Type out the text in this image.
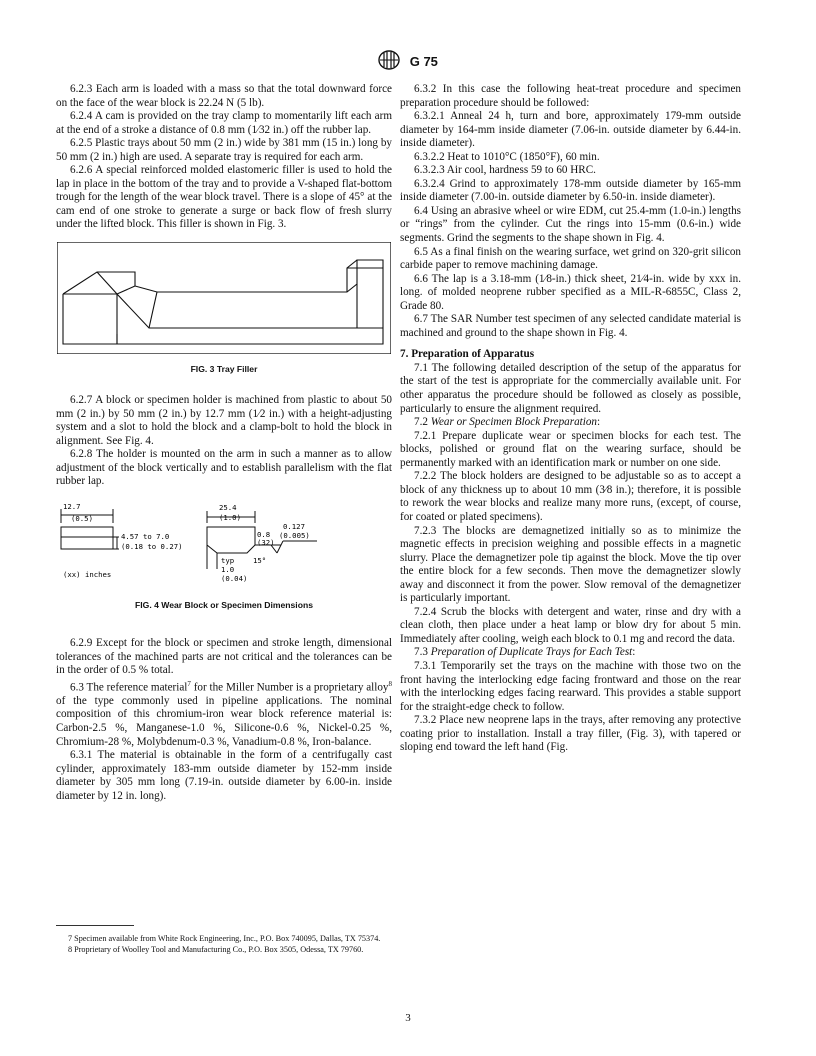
G 75

6.2.3 Each arm is loaded with a mass so that the total downward force on the face of the wear block is 22.24 N (5 lb).

6.2.4 A cam is provided on the tray clamp to momentarily lift each arm at the end of a stroke a distance of 0.8 mm (1⁄32 in.) off the rubber lap.

6.2.5 Plastic trays about 50 mm (2 in.) wide by 381 mm (15 in.) long by 50 mm (2 in.) high are used. A separate tray is required for each arm.

6.2.6 A special reinforced molded elastomeric filler is used to hold the lap in place in the bottom of the tray and to provide a V-shaped flat-bottom trough for the length of the wear block travel. There is a slope of 45° at the cam end of one stroke to generate a surge or back flow of fresh slurry under the lifted block. This filler is shown in Fig. 3.

FIG. 3 Tray Filler

6.2.7 A block or specimen holder is machined from plastic to about 50 mm (2 in.) by 50 mm (2 in.) by 12.7 mm (1⁄2 in.) with a height-adjusting system and a slot to hold the block and a clamp-bolt to hold the block in alignment. See Fig. 4.

6.2.8 The holder is mounted on the arm in such a manner as to allow adjustment of the block vertically and to establish parallelism with the flat rubber lap.

12.7
(0.5)
4.57 to 7.0
(0.18 to 0.27)
25.4
(1.0)
0.8
(32)
0.127
(0.005)
typ	15°
1.0
(0.04)
(xx) inches
FIG. 4 Wear Block or Specimen Dimensions

6.2.9 Except for the block or specimen and stroke length, dimensional tolerances of the machined parts are not critical and the tolerances can be in the order of 0.5 % total.

6.3 The reference material$^7$ for the Miller Number is a proprietary alloy$^8$ of the type commonly used in pipeline applications. The nominal composition of this chromium-iron wear block reference material is: Carbon-2.5 %, Manganese-1.0 %, Silicone-0.6 %, Nickel-0.25 %, Chromium-28 %, Molybdenum-0.3 %, Vanadium-0.8 %, Iron-balance.

6.3.1 The material is obtainable in the form of a centrifugally cast cylinder, approximately 183-mm outside diameter by 152-mm inside diameter by 305 mm long (7.19-in. outside diameter by 6.00-in. inside diameter by 12 in. long).

7 Specimen available from White Rock Engineering, Inc., P.O. Box 740095, Dallas, TX 75374.

8 Proprietary of Woolley Tool and Manufacturing Co., P.O. Box 3505, Odessa, TX 79760.

6.3.2 In this case the following heat-treat procedure and specimen preparation procedure should be followed:

6.3.2.1 Anneal 24 h, turn and bore, approximately 179-mm outside diameter by 164-mm inside diameter (7.06-in. outside diameter by 6.44-in. inside diameter).

6.3.2.2 Heat to 1010°C (1850°F), 60 min.

6.3.2.3 Air cool, hardness 59 to 60 HRC.

6.3.2.4 Grind to approximately 178-mm outside diameter by 165-mm inside diameter (7.00-in. outside diameter by 6.50-in. inside diameter).

6.4 Using an abrasive wheel or wire EDM, cut 25.4-mm (1.0-in.) lengths or “rings” from the cylinder. Cut the rings into 15-mm (0.6-in.) wide segments. Grind the segments to the shape shown in Fig. 4.

6.5 As a final finish on the wearing surface, wet grind on 320-grit silicon carbide paper to remove machining damage.

6.6 The lap is a 3.18-mm (1⁄8-in.) thick sheet, 21⁄4-in. wide by xxx in. long. of molded neoprene rubber specified as a MIL-R-6855C, Class 2, Grade 80.

6.7 The SAR Number test specimen of any selected candidate material is machined and ground to the shape shown in Fig. 4.

7. Preparation of Apparatus

7.1 The following detailed description of the setup of the apparatus for the start of the test is appropriate for the commercially available unit. For other apparatus the procedure should be followed as closely as possible, particularly to ensure the alignment required.

7.2 Wear or Specimen Block Preparation:

7.2.1 Prepare duplicate wear or specimen blocks for each test. The blocks, polished or ground flat on the wearing surface, should be permanently marked with an identification mark or number on one side.

7.2.2 The block holders are designed to be adjustable so as to accept a block of any thickness up to about 10 mm (3⁄8 in.); therefore, it is possible to rework the wear blocks and realize many more runs, (except, of course, for coated or plated specimens).

7.2.3 The blocks are demagnetized initially so as to minimize the magnetic effects in precision weighing and possible effects in a magnetic slurry. Place the demagnetizer pole tip against the block. Move the tip over the entire block for a few seconds. Then move the demagnetizer slowly away and disconnect it from the power. Slow removal of the demagnetizer is particularly important.

7.2.4 Scrub the blocks with detergent and water, rinse and dry with a clean cloth, then place under a heat lamp or blow dry for about 5 min. Immediately after cooling, weigh each block to 0.1 mg and record the data.

7.3 Preparation of Duplicate Trays for Each Test:

7.3.1 Temporarily set the trays on the machine with those two on the front having the interlocking edge facing frontward and those on the rear with the interlocking edges facing rearward. This provides a stable support for the straight-edge check to follow.

7.3.2 Place new neoprene laps in the trays, after removing any protective coating prior to installation. Install a tray filler, (Fig. 3), with tapered or sloping end toward the left hand (Fig.

3
